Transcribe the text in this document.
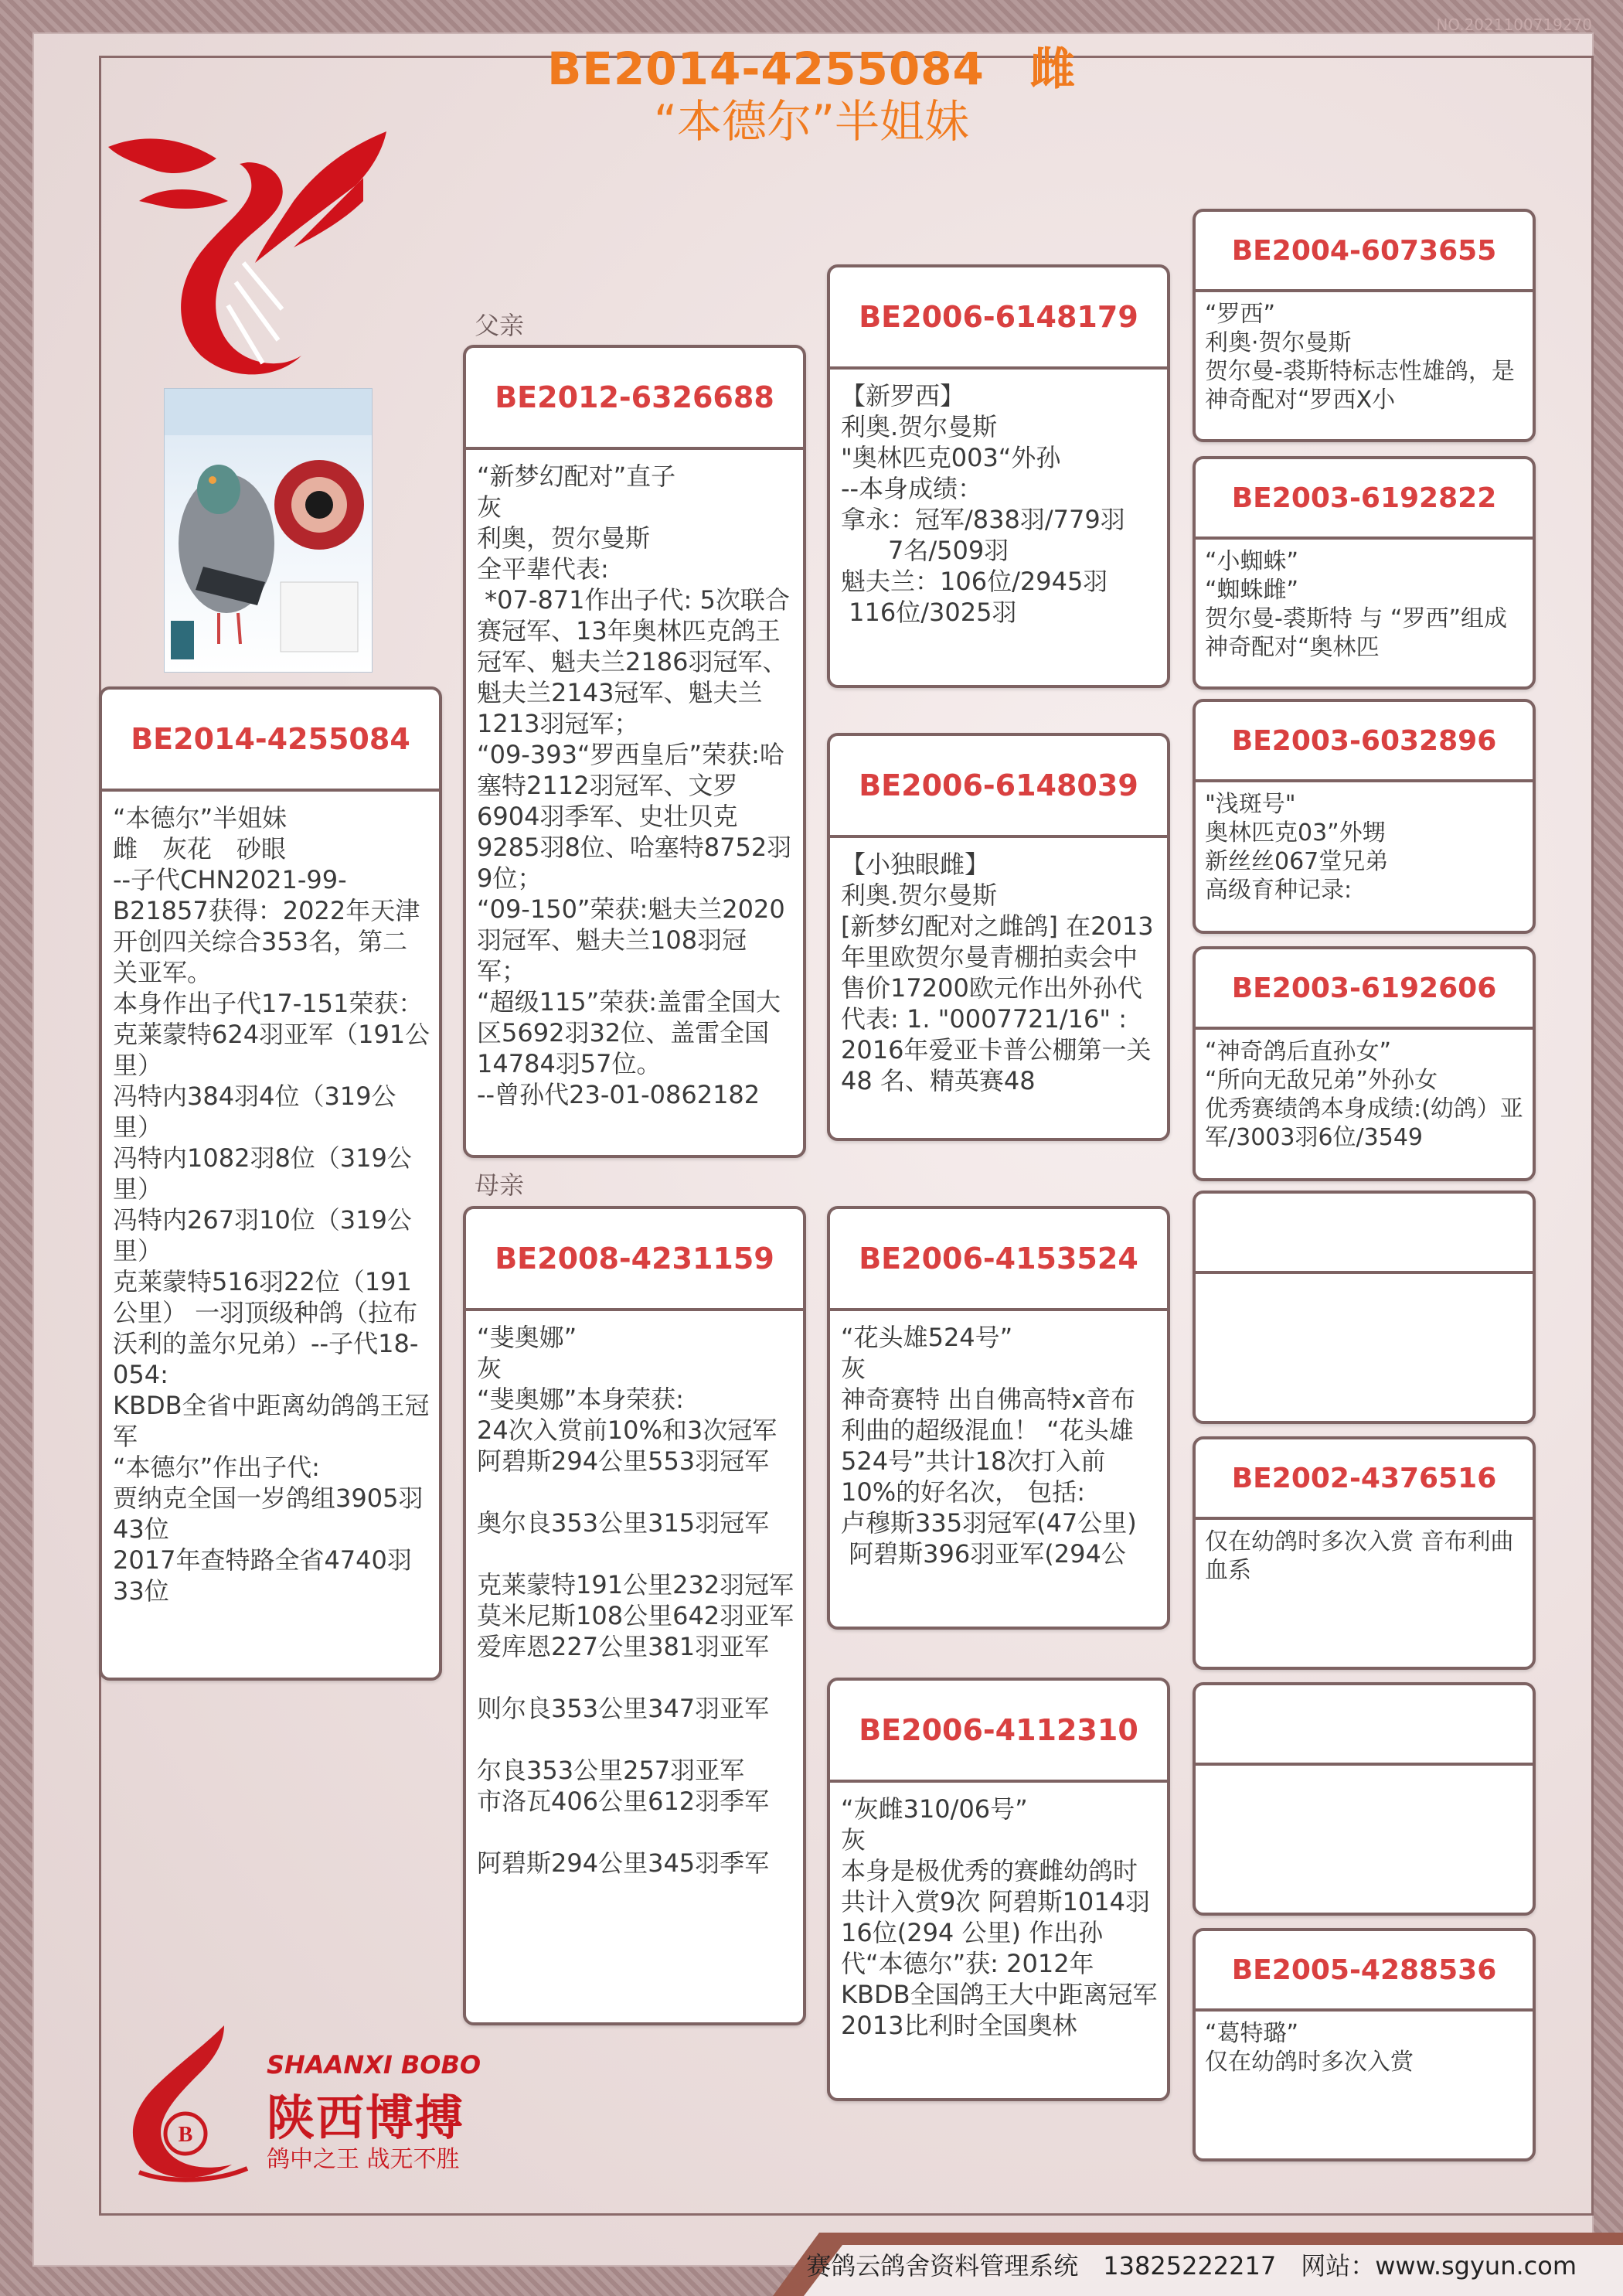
NO.2021100719270
BE2014-4255084　雌
“本德尔”半姐妹
父亲
母亲
BE2014-4255084
“本德尔”半姐妹
雌　灰花　砂眼
--子代CHN2021-99-B21857获得：2022年天津开创四关综合353名，第二关亚军。
本身作出子代17-151荣获：
克莱蒙特624羽亚军（191公里）
冯特内384羽4位（319公里）
冯特内1082羽8位（319公里）
冯特内267羽10位（319公里）
克莱蒙特516羽22位（191公里） 一羽顶级种鸽（拉布沃利的盖尔兄弟）--子代18-054:
KBDB全省中距离幼鸽鸽王冠军
“本德尔”作出子代:
贾纳克全国一岁鸽组3905羽43位
2017年查特路全省4740羽33位
BE2012-6326688
“新梦幻配对”直子
灰
利奥，贺尔曼斯
全平辈代表:
*07-871作出子代: 5次联合赛冠军、13年奥林匹克鸽王冠军、魁夫兰2186羽冠军、魁夫兰2143冠军、魁夫兰1213羽冠军；
“09-393“罗西皇后”荣获:哈塞特2112羽冠军、文罗6904羽季军、史壮贝克9285羽8位、哈塞特8752羽9位；
“09-150”荣获:魁夫兰2020羽冠军、魁夫兰108羽冠军；
“超级115”荣获:盖雷全国大区5692羽32位、盖雷全国14784羽57位。
--曾孙代23-01-0862182
BE2008-4231159
“斐奥娜”
灰
“斐奥娜”本身荣获:
24次入赏前10%和3次冠军
阿碧斯294公里553羽冠军

奥尔良353公里315羽冠军

克莱蒙特191公里232羽冠军
莫米尼斯108公里642羽亚军
爱库恩227公里381羽亚军

则尔良353公里347羽亚军

尔良353公里257羽亚军
市洛瓦406公里612羽季军

阿碧斯294公里345羽季军
BE2006-6148179
【新罗西】
利奥.贺尔曼斯
"奥林匹克003“外孙
--本身成绩：
拿永：冠军/838羽/779羽
7名/509羽
魁夫兰：106位/2945羽
116位/3025羽
BE2006-6148039
【小独眼雌】
利奥.贺尔曼斯
[新梦幻配对之雌鸽] 在2013年里欧贺尔曼青棚拍卖会中售价17200欧元作出外孙代 代表: 1. "0007721/16" : 2016年爱亚卡普公棚第一关48 名、精英赛48
BE2006-4153524
“花头雄524号”
灰
神奇赛特 出自佛高特x音布利曲的超级混血！ “花头雄524号”共计18次打入前10%的好名次， 包括:
卢穆斯335羽冠军(47公里)
阿碧斯396羽亚军(294公
BE2006-4112310
“灰雌310/06号”
灰
本身是极优秀的赛雌幼鸽时共计入赏9次 阿碧斯1014羽16位(294 公里) 作出孙代“本德尔”获: 2012年KBDB全国鸽王大中距离冠军 2013比利时全国奥林
BE2004-6073655
“罗西”
利奥·贺尔曼斯
贺尔曼-裘斯特标志性雄鸽，是神奇配对“罗西X小
BE2003-6192822
“小蜘蛛”
“蜘蛛雌”
贺尔曼-裘斯特 与 “罗西”组成神奇配对“奥林匹
BE2003-6032896
"浅斑号"
奥林匹克03”外甥
新丝丝067堂兄弟
高级育种记录:
BE2003-6192606
“神奇鸽后直孙女”
“所向无敌兄弟”外孙女
优秀赛绩鸽本身成绩:(幼鸽）亚军/3003羽6位/3549
BE2002-4376516
仅在幼鸽时多次入赏 音布利曲血系
BE2005-4288536
“葛特璐”
仅在幼鸽时多次入赏
B
SHAANXI BOBO
陕西博搏
鸽中之王 战无不胜
赛鸽云鸽舍资料管理系统　13825222217　网站：www.sgyun.com
